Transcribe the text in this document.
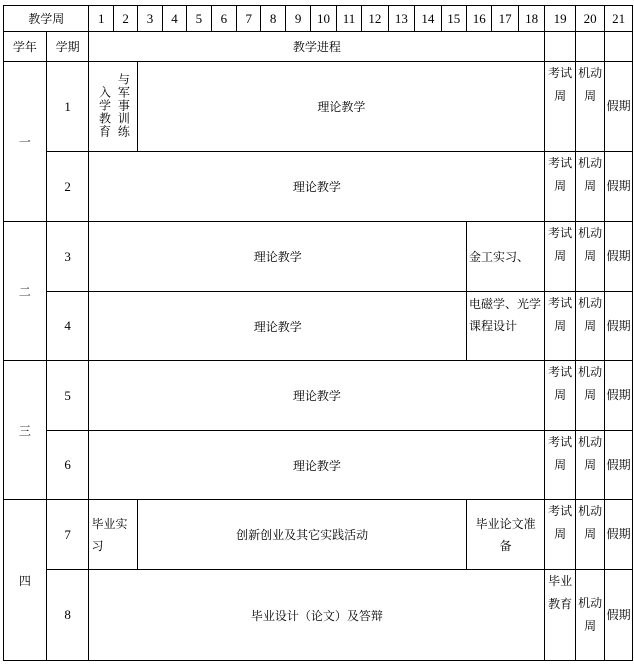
教学周		1	2	3	4	5	6	7	8	9	10	11	12	13	14	15	16	17	18	19	20	21
学年	学期	教学进程																				
一	1	入学教育 与军事训练		理论教学																考试周	机动周	假期
	2	理论教学																		考试周	机动周	假期
二	3	理论教学															金工实习、			考试周	机动周	假期
	4	理论教学															电磁学、光学课程设计			考试周	机动周	假期
三	5	理论教学																		考试周	机动周	假期
	6	理论教学																		考试周	机动周	假期
四	7	毕业实习		创新创业及其它实践活动													毕业论文准备			考试周	机动周	假期
	8	毕业设计（论文）及答辩																		毕业教育	机动周	假期
